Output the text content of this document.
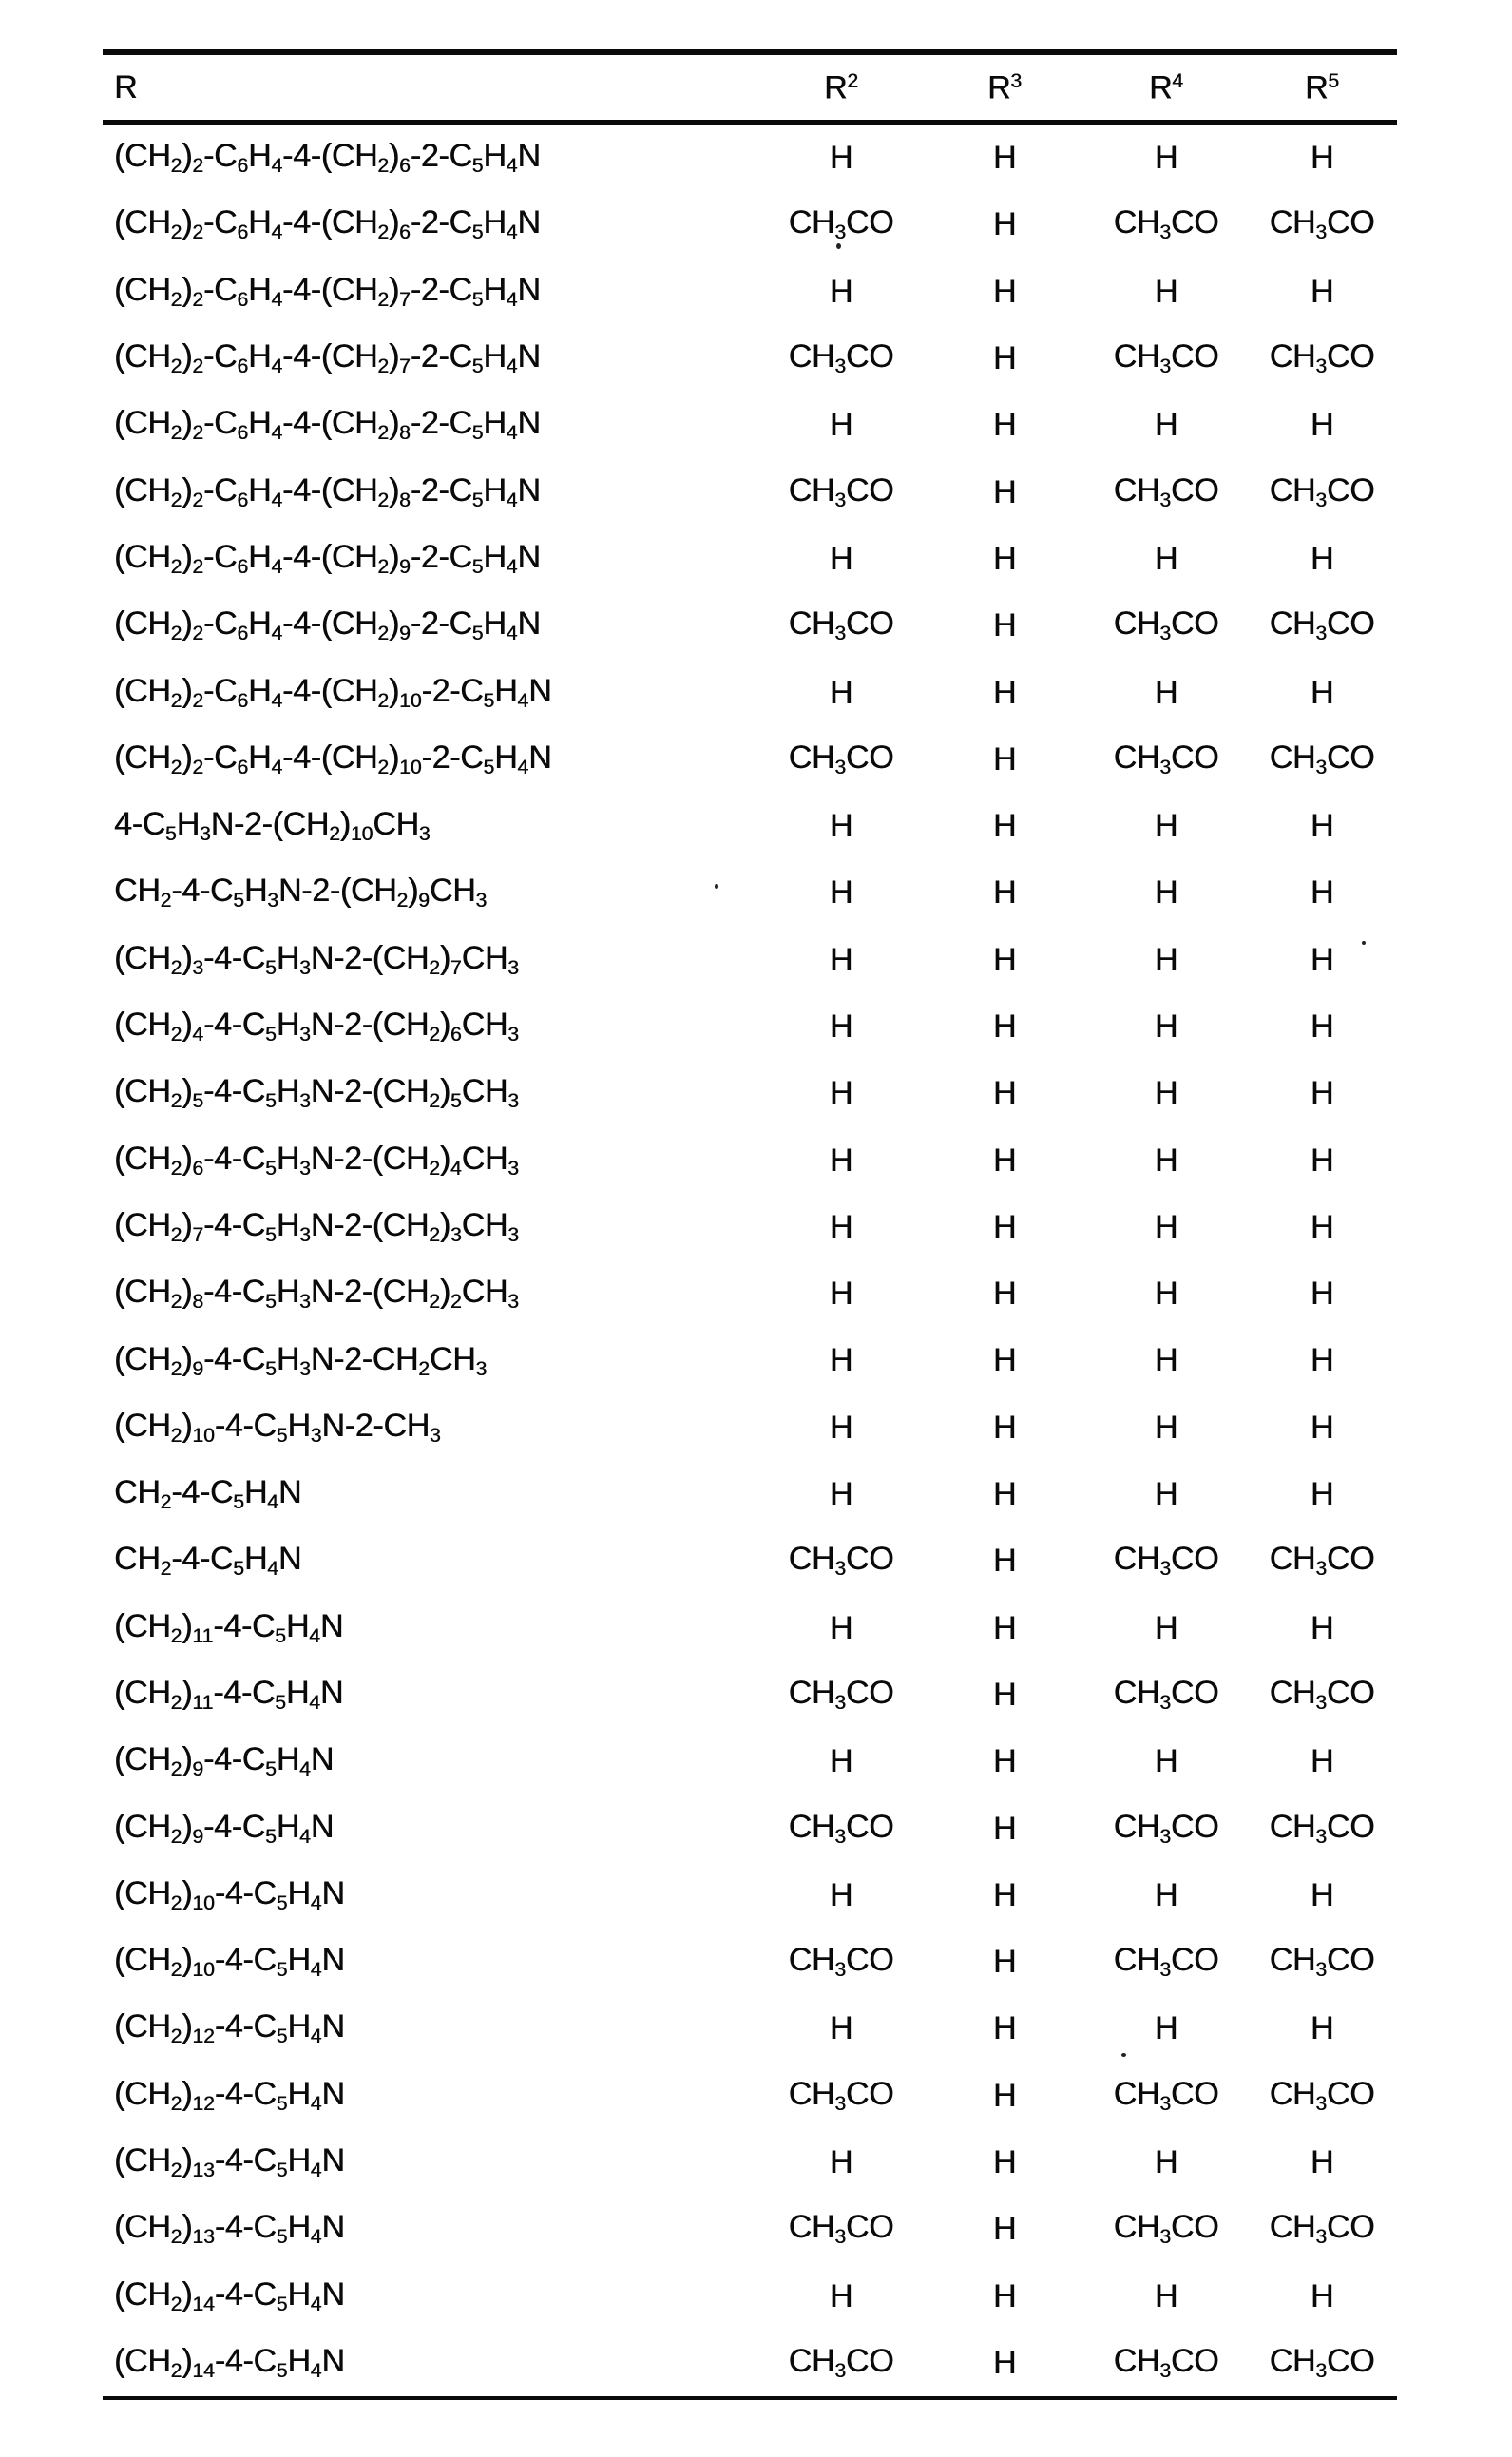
R	$R^2$	$R^3$	$R^4$	$R^5$
$(CH_2)_2-C_6H_4-4-(CH_2)_6-2-C_5H_4N$	H	H	H	H
$(CH_2)_2-C_6H_4-4-(CH_2)_6-2-C_5H_4N$	$CH_3CO$	H	$CH_3CO$	$CH_3CO$
$(CH_2)_2-C_6H_4-4-(CH_2)_7-2-C_5H_4N$	H	H	H	H
$(CH_2)_2-C_6H_4-4-(CH_2)_7-2-C_5H_4N$	$CH_3CO$	H	$CH_3CO$	$CH_3CO$
$(CH_2)_2-C_6H_4-4-(CH_2)_8-2-C_5H_4N$	H	H	H	H
$(CH_2)_2-C_6H_4-4-(CH_2)_8-2-C_5H_4N$	$CH_3CO$	H	$CH_3CO$	$CH_3CO$
$(CH_2)_2-C_6H_4-4-(CH_2)_9-2-C_5H_4N$	H	H	H	H
$(CH_2)_2-C_6H_4-4-(CH_2)_9-2-C_5H_4N$	$CH_3CO$	H	$CH_3CO$	$CH_3CO$
$(CH_2)_2-C_6H_4-4-(CH_2)_{10}-2-C_5H_4N$	H	H	H	H
$(CH_2)_2-C_6H_4-4-(CH_2)_{10}-2-C_5H_4N$	$CH_3CO$	H	$CH_3CO$	$CH_3CO$
$4-C_5H_3N-2-(CH_2)_{10}CH_3$	H	H	H	H
$CH_2-4-C_5H_3N-2-(CH_2)_9CH_3$	H	H	H	H
$(CH_2)_3-4-C_5H_3N-2-(CH_2)_7CH_3$	H	H	H	H
$(CH_2)_4-4-C_5H_3N-2-(CH_2)_6CH_3$	H	H	H	H
$(CH_2)_5-4-C_5H_3N-2-(CH_2)_5CH_3$	H	H	H	H
$(CH_2)_6-4-C_5H_3N-2-(CH_2)_4CH_3$	H	H	H	H
$(CH_2)_7-4-C_5H_3N-2-(CH_2)_3CH_3$	H	H	H	H
$(CH_2)_8-4-C_5H_3N-2-(CH_2)_2CH_3$	H	H	H	H
$(CH_2)_9-4-C_5H_3N-2-CH_2CH_3$	H	H	H	H
$(CH_2)_{10}-4-C_5H_3N-2-CH_3$	H	H	H	H
$CH_2-4-C_5H_4N$	H	H	H	H
$CH_2-4-C_5H_4N$	$CH_3CO$	H	$CH_3CO$	$CH_3CO$
$(CH_2)_{11}-4-C_5H_4N$	H	H	H	H
$(CH_2)_{11}-4-C_5H_4N$	$CH_3CO$	H	$CH_3CO$	$CH_3CO$
$(CH_2)_9-4-C_5H_4N$	H	H	H	H
$(CH_2)_9-4-C_5H_4N$	$CH_3CO$	H	$CH_3CO$	$CH_3CO$
$(CH_2)_{10}-4-C_5H_4N$	H	H	H	H
$(CH_2)_{10}-4-C_5H_4N$	$CH_3CO$	H	$CH_3CO$	$CH_3CO$
$(CH_2)_{12}-4-C_5H_4N$	H	H	H	H
$(CH_2)_{12}-4-C_5H_4N$	$CH_3CO$	H	$CH_3CO$	$CH_3CO$
$(CH_2)_{13}-4-C_5H_4N$	H	H	H	H
$(CH_2)_{13}-4-C_5H_4N$	$CH_3CO$	H	$CH_3CO$	$CH_3CO$
$(CH_2)_{14}-4-C_5H_4N$	H	H	H	H
$(CH_2)_{14}-4-C_5H_4N$	$CH_3CO$	H	$CH_3CO$	$CH_3CO$
